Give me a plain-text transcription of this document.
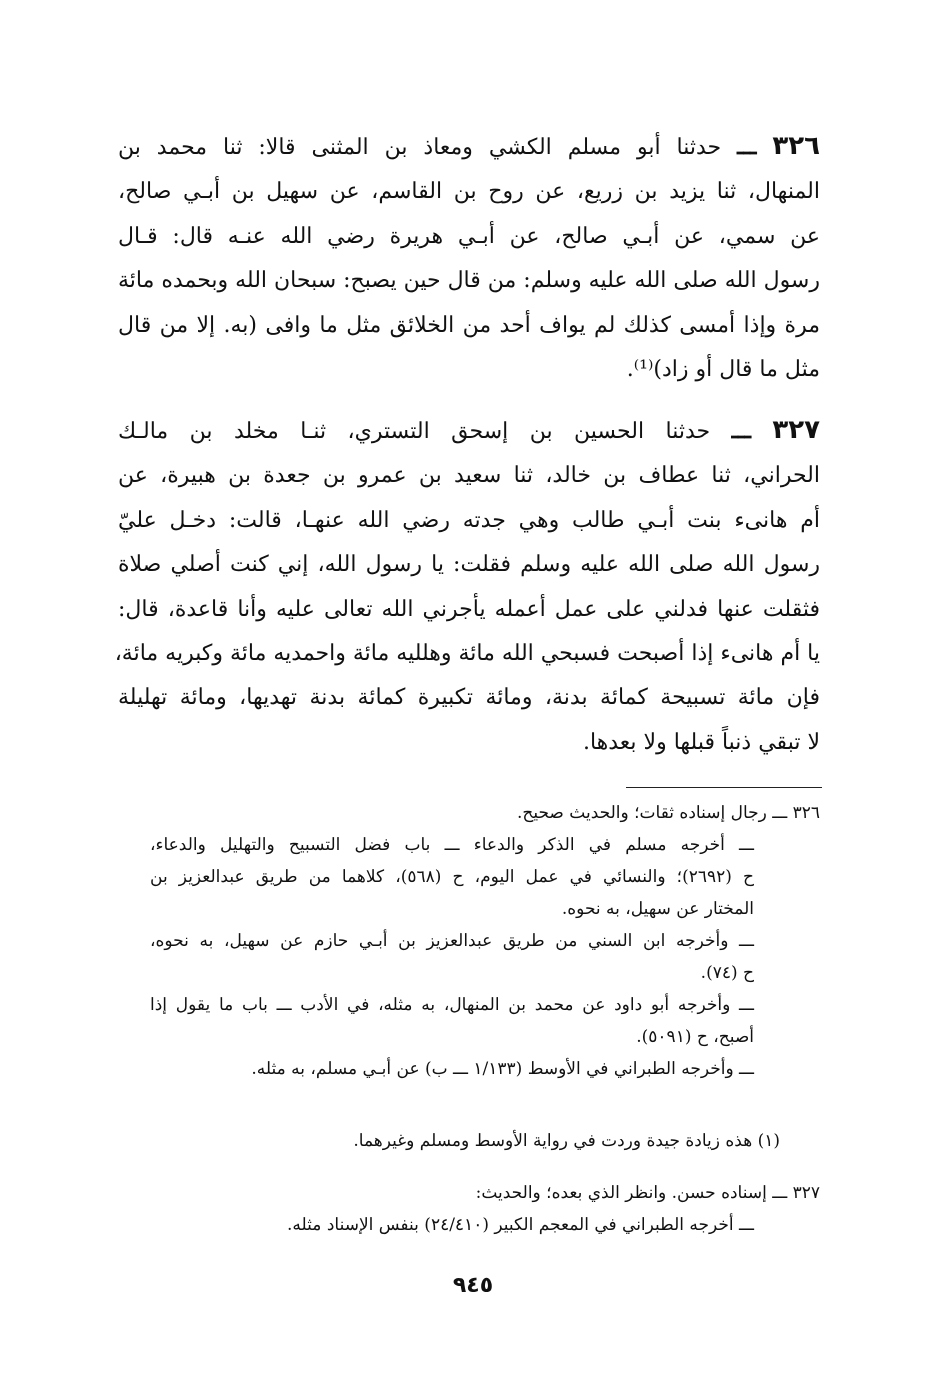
٣٢٦ ـــ حدثنا أبو مسلم الكشي ومعاذ بن المثنى قالا: ثنا محمد بن
المنهال، ثنا يزيد بن زريع، عن روح بن القاسم، عن سهيل بن أبـي صالح،
عن سمي، عن أبـي صالح، عن أبـي هريرة رضي الله عنـه قال: قـال
رسول الله صلى الله عليه وسلم: من قال حين يصبح: سبحان الله وبحمده مائة
مرة وإذا أمسى كذلك لم يواف أحد من الخلائق مثل ما وافى (به. إلا من قال
مثل ما قال أو زاد)⁽¹⁾.
٣٢٧ ـــ حدثنا الحسين بن إسحق التستري، ثنـا مخلد بن مالـك
الحراني، ثنا عطاف بن خالد، ثنا سعيد بن عمرو بن جعدة بن هبيرة، عن
أم هانىء بنت أبـي طالب وهي جدته رضي الله عنهـا، قالت: دخـل عليّ
رسول الله صلى الله عليه وسلم فقلت: يا رسول الله، إني كنت أصلي صلاة
فثقلت عنها فدلني على عمل أعمله يأجرني الله تعالى عليه وأنا قاعدة، قال:
يا أم هانىء إذا أصبحت فسبحي الله مائة وهلليه مائة واحمديه مائة وكبريه مائة،
فإن مائة تسبيحة كمائة بدنة، ومائة تكبيرة كمائة بدنة تهديها، ومائة تهليلة
لا تبقي ذنباً قبلها ولا بعدها.
٣٢٦ ـــ رجال إسناده ثقات؛ والحديث صحيح.
ـــ أخرجه مسلم في الذكر والدعاء ـــ باب فضل التسبيح والتهليل والدعاء،
ح (٢٦٩٢)؛ والنسائي في عمل اليوم، ح (٥٦٨)، كلاهما من طريق عبدالعزيز بن
المختار عن سهيل، به نحوه.
ـــ وأخرجه ابن السني من طريق عبدالعزيز بن أبـي حازم عن سهيل، به نحوه،
ح (٧٤).
ـــ وأخرجه أبو داود عن محمد بن المنهال، به مثله، في الأدب ـــ باب ما يقول إذا
أصبح، ح (٥٠٩١).
ـــ وأخرجه الطبراني في الأوسط (١/١٣٣ ـــ ب) عن أبـي مسلم، به مثله.
(١) هذه زيادة جيدة وردت في رواية الأوسط ومسلم وغيرهما.
٣٢٧ ـــ إسناده حسن. وانظر الذي بعده؛ والحديث:
ـــ أخرجه الطبراني في المعجم الكبير (٢٤/٤١٠) بنفس الإسناد مثله.
٩٤٥
